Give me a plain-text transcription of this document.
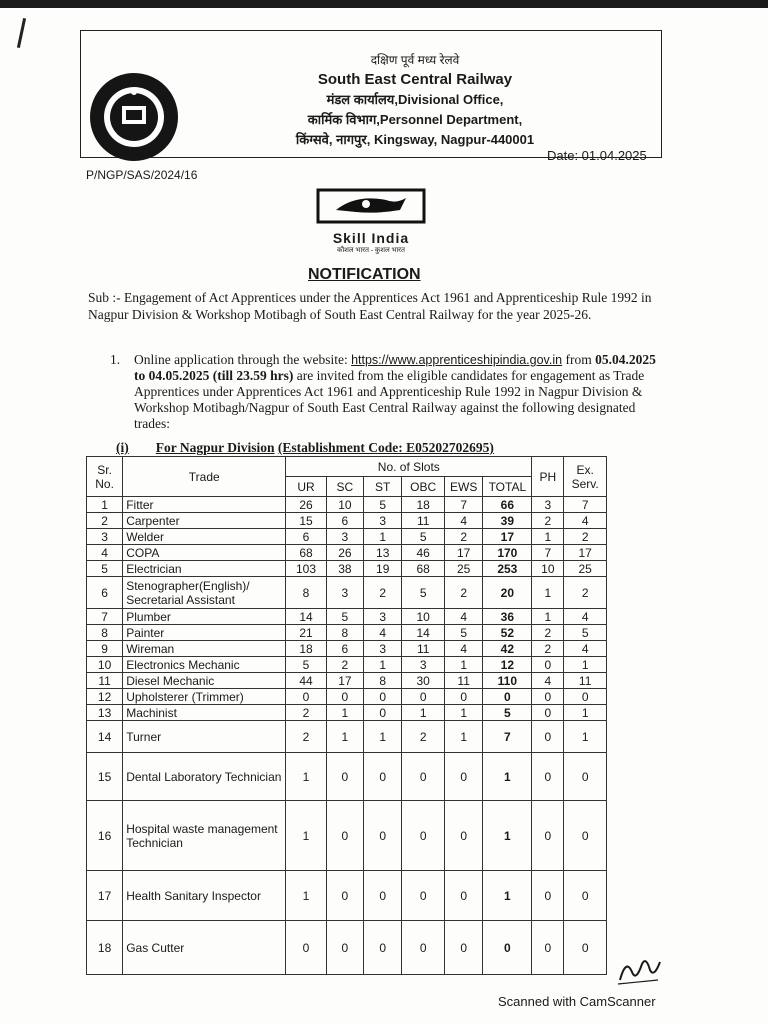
दक्षिण पूर्व मध्य रेलवे
South East Central Railway
मंडल कार्यालय,Divisional Office,
कार्मिक विभाग,Personnel Department,
किंग्सवे, नागपुर, Kingsway, Nagpur-440001
Date: 01.04.2025
P/NGP/SAS/2024/16
Skill India
कौशल भारत - कुशल भारत
NOTIFICATION
Sub :- Engagement of Act Apprentices under the Apprentices Act 1961 and Apprenticeship Rule 1992 in Nagpur Division & Workshop Motibagh of South East Central Railway for the year 2025-26.
1. Online application through the website: https://www.apprenticeshipindia.gov.in from 05.04.2025 to 04.05.2025 (till 23.59 hrs) are invited from the eligible candidates for engagement as Trade Apprentices under Apprentices Act 1961 and Apprenticeship Rule 1992 in Nagpur Division & Workshop Motibagh/Nagpur of South East Central Railway against the following designated trades:
(i) For Nagpur Division (Establishment Code: E05202702695)
Sr. No.	Trade	No. of Slots						PH	Ex. Serv.
		UR	SC	ST	OBC	EWS	TOTAL		
1	Fitter	26	10	5	18	7	66	3	7
2	Carpenter	15	6	3	11	4	39	2	4
3	Welder	6	3	1	5	2	17	1	2
4	COPA	68	26	13	46	17	170	7	17
5	Electrician	103	38	19	68	25	253	10	25
6	Stenographer(English)/ Secretarial Assistant	8	3	2	5	2	20	1	2
7	Plumber	14	5	3	10	4	36	1	4
8	Painter	21	8	4	14	5	52	2	5
9	Wireman	18	6	3	11	4	42	2	4
10	Electronics Mechanic	5	2	1	3	1	12	0	1
11	Diesel Mechanic	44	17	8	30	11	110	4	11
12	Upholsterer (Trimmer)	0	0	0	0	0	0	0	0
13	Machinist	2	1	0	1	1	5	0	1
14	Turner	2	1	1	2	1	7	0	1
15	Dental Laboratory Technician	1	0	0	0	0	1	0	0
16	Hospital waste management Technician	1	0	0	0	0	1	0	0
17	Health Sanitary Inspector	1	0	0	0	0	1	0	0
18	Gas Cutter	0	0	0	0	0	0	0	0
Scanned with CamScanner
